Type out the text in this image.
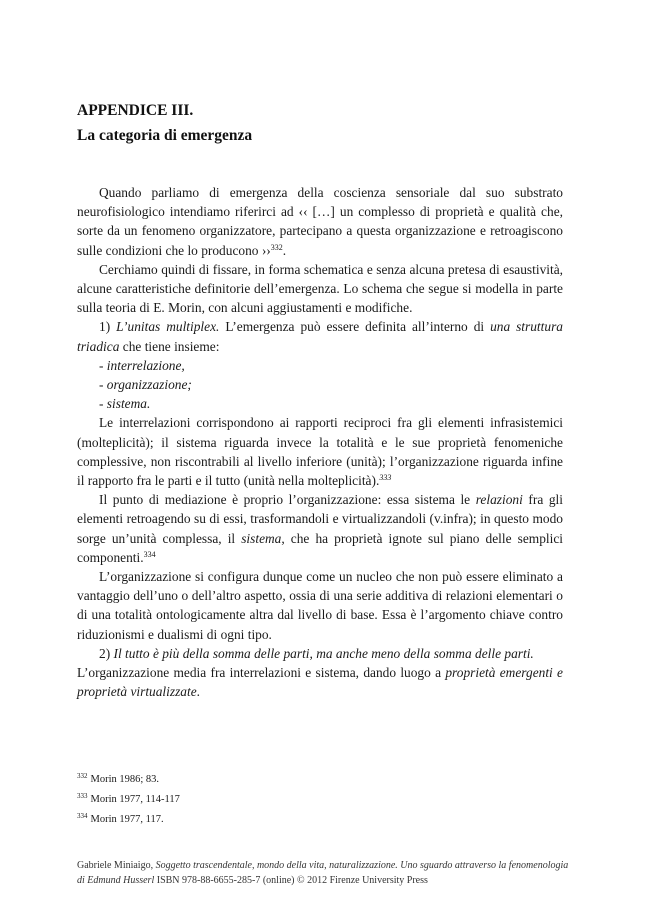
APPENDICE III.
La categoria di emergenza

Quando parliamo di emergenza della coscienza sensoriale dal suo substrato neurofisiologico intendiamo riferirci ad ‹‹ […] un complesso di proprietà e qualità che, sorte da un fenomeno organizzatore, partecipano a questa organizzazione e retroagiscono sulle condizioni che lo producono ››$^{332}$.

Cerchiamo quindi di fissare, in forma schematica e senza alcuna pretesa di esaustività, alcune caratteristiche definitorie dell’emergenza. Lo schema che segue si modella in parte sulla teoria di E. Morin, con alcuni aggiustamenti e modifiche.

1) L’unitas multiplex. L’emergenza può essere definita all’interno di una struttura triadica che tiene insieme:

- interrelazione,

- organizzazione;

- sistema.

Le interrelazioni corrispondono ai rapporti reciproci fra gli elementi infrasistemici (molteplicità); il sistema riguarda invece la totalità e le sue proprietà fenomeniche complessive, non riscontrabili al livello inferiore (unità); l’organizzazione riguarda infine il rapporto fra le parti e il tutto (unità nella molteplicità).$^{333}$

Il punto di mediazione è proprio l’organizzazione: essa sistema le relazioni fra gli elementi retroagendo su di essi, trasformandoli e virtualizzandoli (v.infra); in questo modo sorge un’unità complessa, il sistema, che ha proprietà ignote sul piano delle semplici componenti.$^{334}$

L’organizzazione si configura dunque come un nucleo che non può essere eliminato a vantaggio dell’uno o dell’altro aspetto, ossia di una serie additiva di relazioni elementari o di una totalità ontologicamente altra dal livello di base. Essa è l’argomento chiave contro riduzionismi e dualismi di ogni tipo.

2) Il tutto è più della somma delle parti, ma anche meno della somma delle parti.

L’organizzazione media fra interrelazioni e sistema, dando luogo a proprietà emergenti e proprietà virtualizzate.

$^{332}$ Morin 1986; 83.
$^{333}$ Morin 1977, 114-117
$^{334}$ Morin 1977, 117.
Gabriele Miniaigo, Soggetto trascendentale, mondo della vita, naturalizzazione. Uno sguardo attraverso la fenomenologia di Edmund Husserl ISBN 978-88-6655-285-7 (online) © 2012 Firenze University Press
